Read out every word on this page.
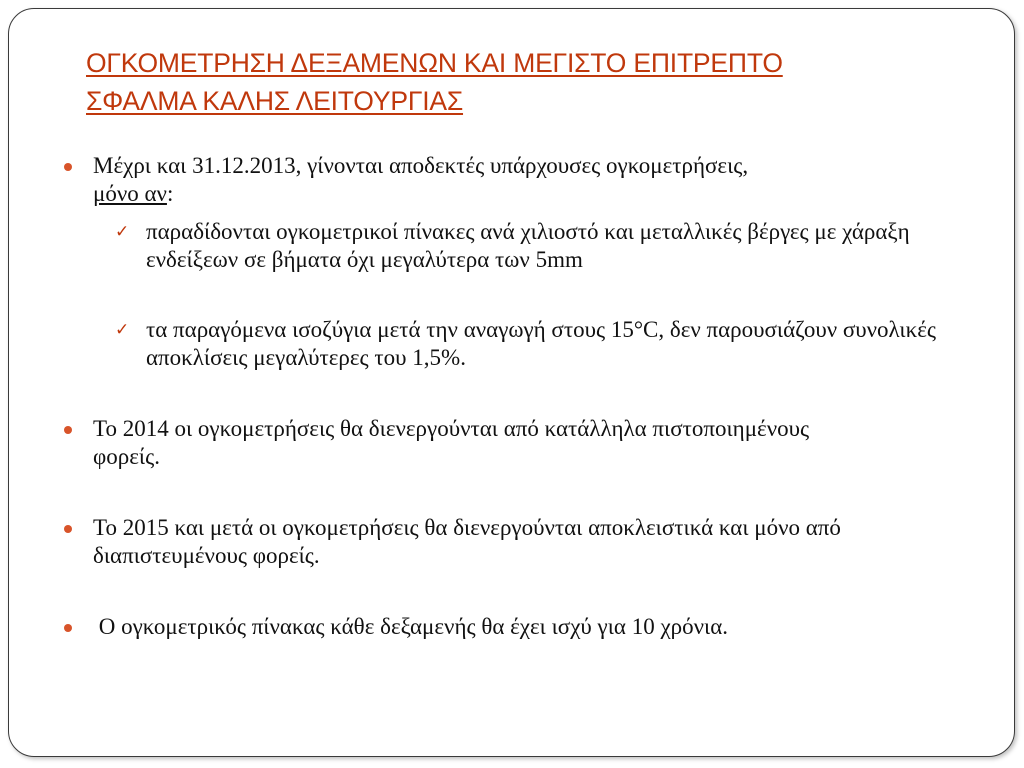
ΟΓΚΟΜΕΤΡΗΣΗ ΔΕΞΑΜΕΝΩΝ ΚΑΙ ΜΕΓΙΣΤΟ ΕΠΙΤΡΕΠΤΟ
ΣΦΑΛΜΑ ΚΑΛΗΣ ΛΕΙΤΟΥΡΓΙΑΣ
Μέχρι και 31.12.2013, γίνονται αποδεκτές υπάρχουσες ογκομετρήσεις,
μόνο αν:
✓ παραδίδονται ογκομετρικοί πίνακες ανά χιλιοστό και μεταλλικές βέργες με χάραξη ενδείξεων σε βήματα όχι μεγαλύτερα των 5mm
✓ τα παραγόμενα ισοζύγια μετά την αναγωγή στους 15°C, δεν παρουσιάζουν συνολικές αποκλίσεις μεγαλύτερες του 1,5%.
Το 2014 οι ογκομετρήσεις θα διενεργούνται από κατάλληλα πιστοποιημένους φορείς.
Το 2015 και μετά οι ογκομετρήσεις θα διενεργούνται αποκλειστικά και μόνο από διαπιστευμένους φορείς.
Ο ογκομετρικός πίνακας κάθε δεξαμενής θα έχει ισχύ για 10 χρόνια.
